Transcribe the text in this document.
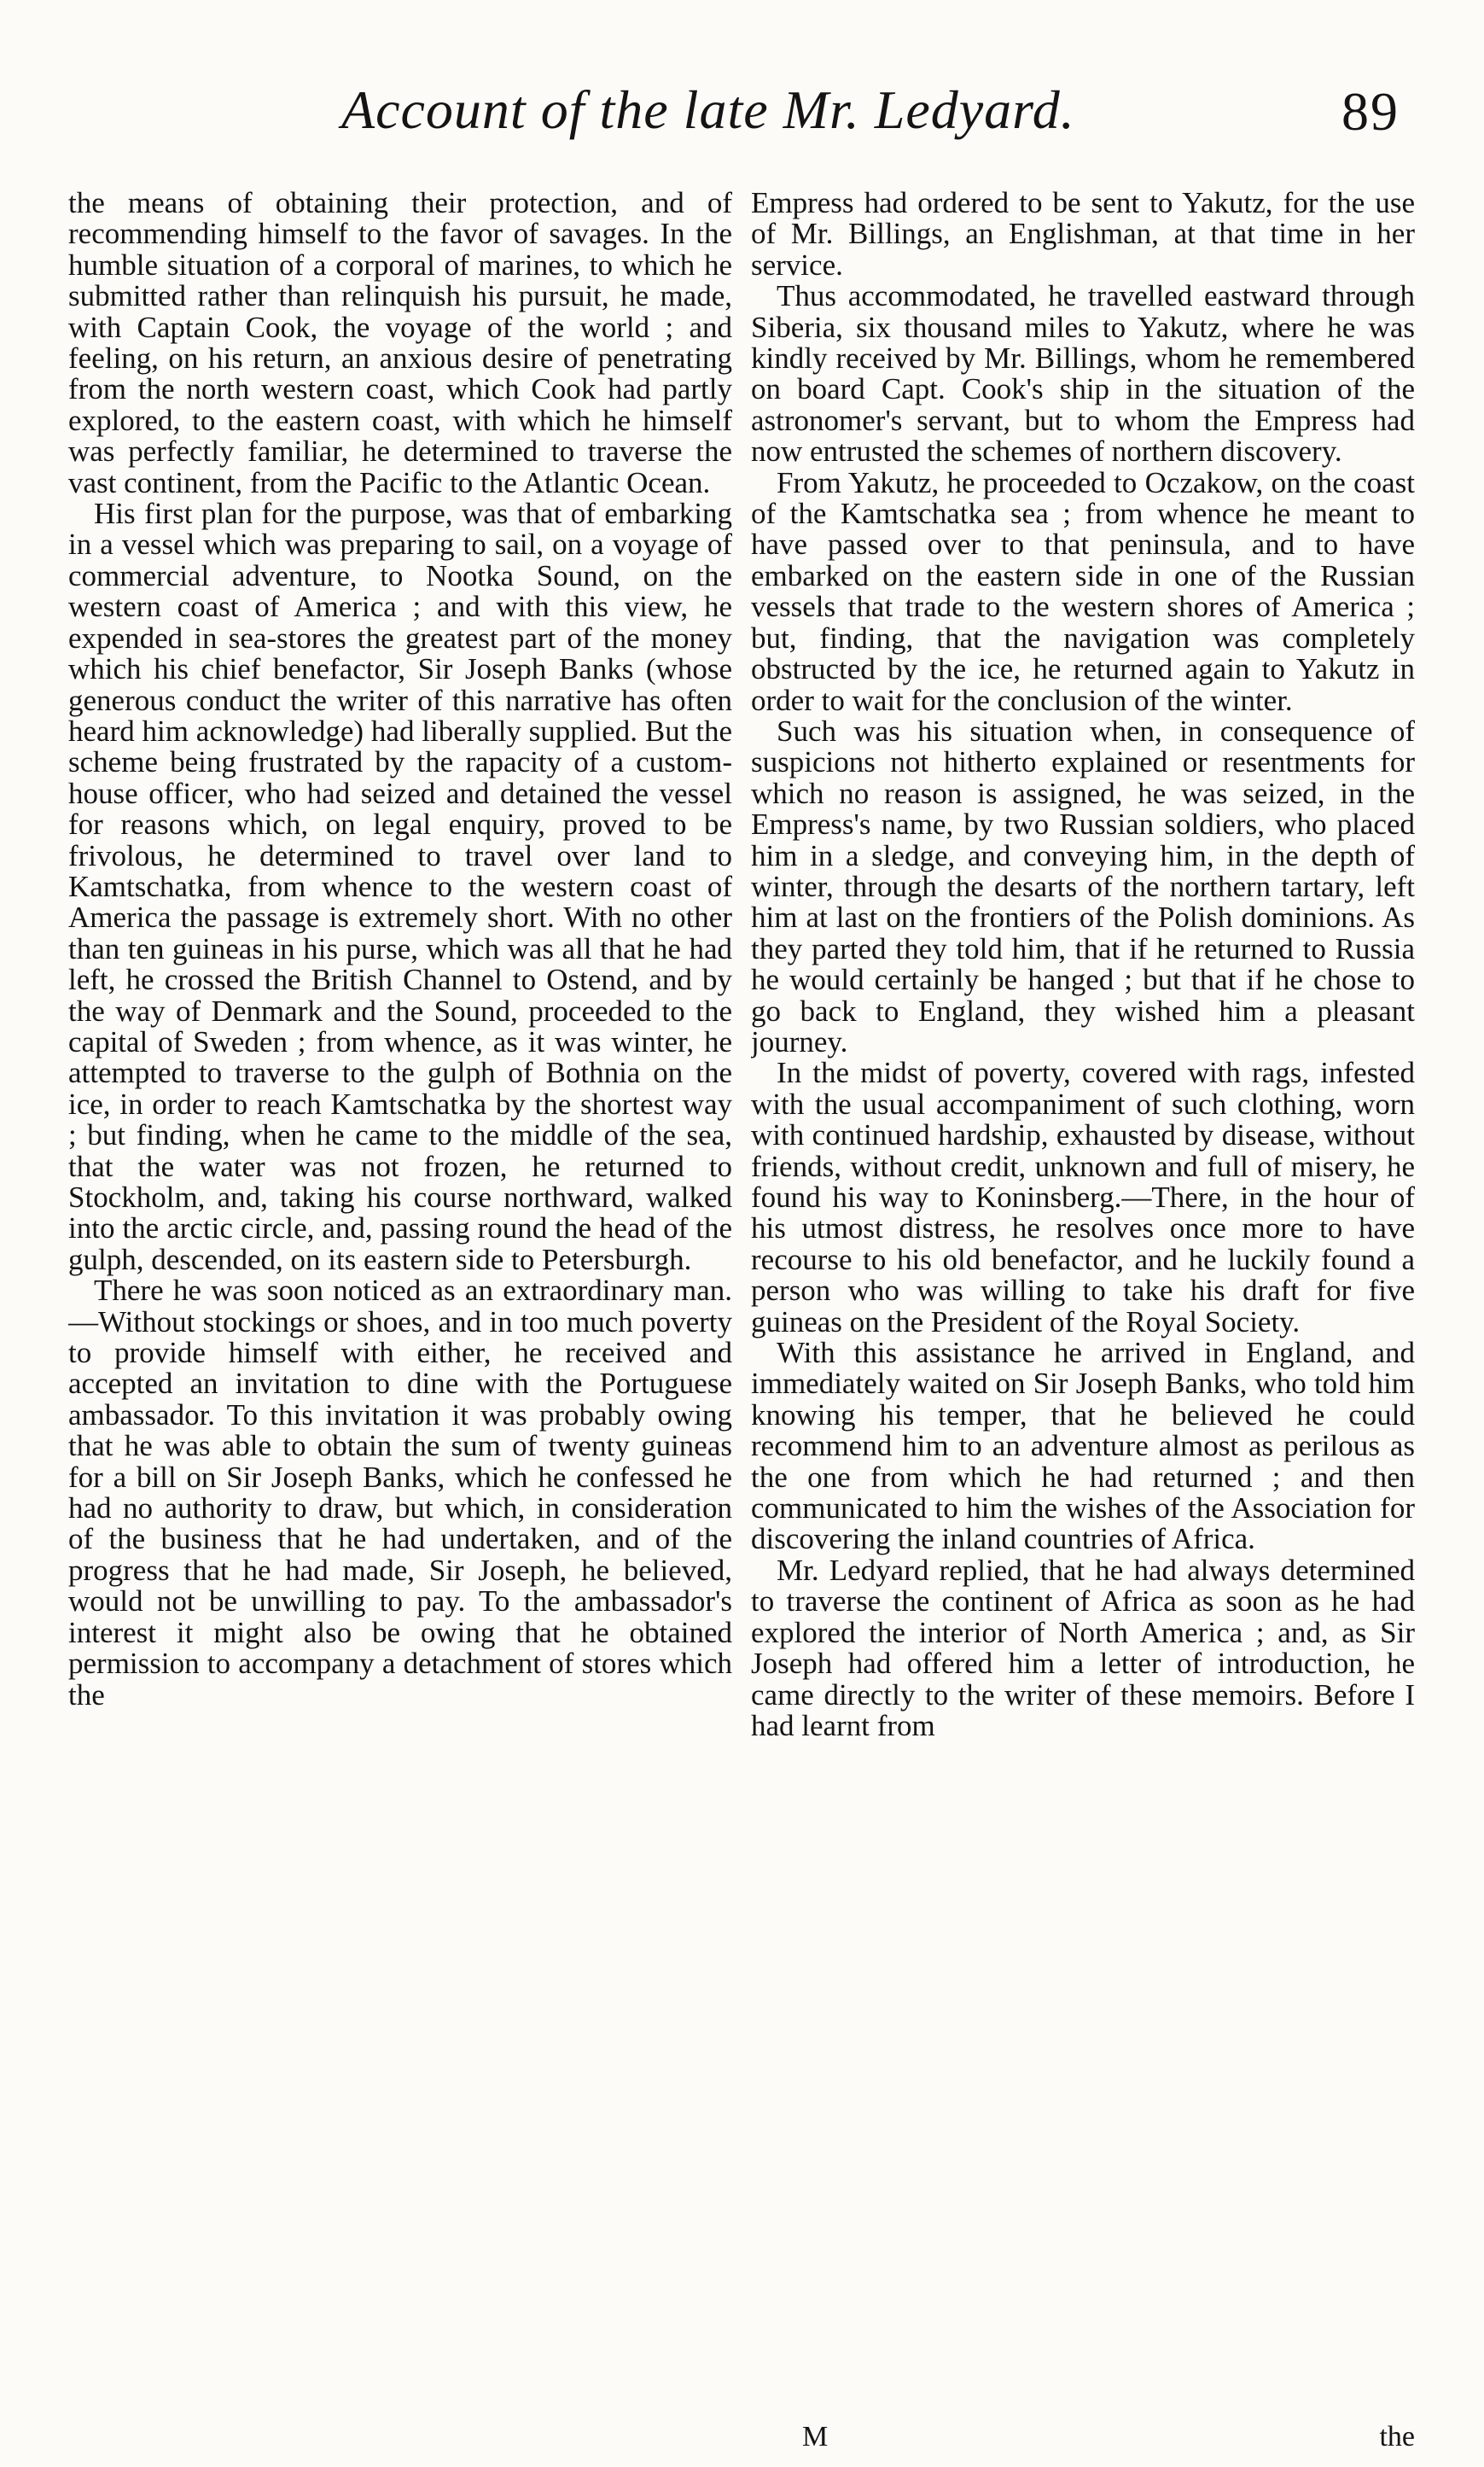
Account of the late Mr. Ledyard.	89

the means of obtaining their protection, and of recommending himself to the favor of savages. In the humble situation of a corporal of marines, to which he submitted rather than relinquish his pursuit, he made, with Captain Cook, the voyage of the world ; and feeling, on his return, an anxious desire of penetrating from the north western coast, which Cook had partly explored, to the eastern coast, with which he himself was perfectly familiar, he determined to traverse the vast continent, from the Pacific to the Atlantic Ocean.

His first plan for the purpose, was that of embarking in a vessel which was preparing to sail, on a voyage of commercial adventure, to Nootka Sound, on the western coast of America ; and with this view, he expended in sea-stores the greatest part of the money which his chief benefactor, Sir Joseph Banks (whose generous conduct the writer of this narrative has often heard him acknowledge) had liberally supplied. But the scheme being frustrated by the rapacity of a custom-house officer, who had seized and detained the vessel for reasons which, on legal enquiry, proved to be frivolous, he determined to travel over land to Kamtschatka, from whence to the western coast of America the passage is extremely short. With no other than ten guineas in his purse, which was all that he had left, he crossed the British Channel to Ostend, and by the way of Denmark and the Sound, proceeded to the capital of Sweden ; from whence, as it was winter, he attempted to traverse to the gulph of Bothnia on the ice, in order to reach Kamtschatka by the shortest way ; but finding, when he came to the middle of the sea, that the water was not frozen, he returned to Stockholm, and, taking his course northward, walked into the arctic circle, and, passing round the head of the gulph, descended, on its eastern side to Petersburgh.

There he was soon noticed as an extraordinary man.—Without stockings or shoes, and in too much poverty to provide himself with either, he received and accepted an invitation to dine with the Portuguese ambassador. To this invitation it was probably owing that he was able to obtain the sum of twenty guineas for a bill on Sir Joseph Banks, which he confessed he had no authority to draw, but which, in consideration of the business that he had undertaken, and of the progress that he had made, Sir Joseph, he believed, would not be unwilling to pay. To the ambassador's interest it might also be owing that he obtained permission to accompany a detachment of stores which the

Empress had ordered to be sent to Yakutz, for the use of Mr. Billings, an Englishman, at that time in her service.

Thus accommodated, he travelled eastward through Siberia, six thousand miles to Yakutz, where he was kindly received by Mr. Billings, whom he remembered on board Capt. Cook's ship in the situation of the astronomer's servant, but to whom the Empress had now entrusted the schemes of northern discovery.

From Yakutz, he proceeded to Oczakow, on the coast of the Kamtschatka sea ; from whence he meant to have passed over to that peninsula, and to have embarked on the eastern side in one of the Russian vessels that trade to the western shores of America ; but, finding, that the navigation was completely obstructed by the ice, he returned again to Yakutz in order to wait for the conclusion of the winter.

Such was his situation when, in consequence of suspicions not hitherto explained or resentments for which no reason is assigned, he was seized, in the Empress's name, by two Russian soldiers, who placed him in a sledge, and conveying him, in the depth of winter, through the desarts of the northern tartary, left him at last on the frontiers of the Polish dominions. As they parted they told him, that if he returned to Russia he would certainly be hanged ; but that if he chose to go back to England, they wished him a pleasant journey.

In the midst of poverty, covered with rags, infested with the usual accompaniment of such clothing, worn with continued hardship, exhausted by disease, without friends, without credit, unknown and full of misery, he found his way to Koninsberg.—There, in the hour of his utmost distress, he resolves once more to have recourse to his old benefactor, and he luckily found a person who was willing to take his draft for five guineas on the President of the Royal Society.

With this assistance he arrived in England, and immediately waited on Sir Joseph Banks, who told him knowing his temper, that he believed he could recommend him to an adventure almost as perilous as the one from which he had returned ; and then communicated to him the wishes of the Association for discovering the inland countries of Africa.

Mr. Ledyard replied, that he had always determined to traverse the continent of Africa as soon as he had explored the interior of North America ; and, as Sir Joseph had offered him a letter of introduction, he came directly to the writer of these memoirs. Before I had learnt from

M	the
